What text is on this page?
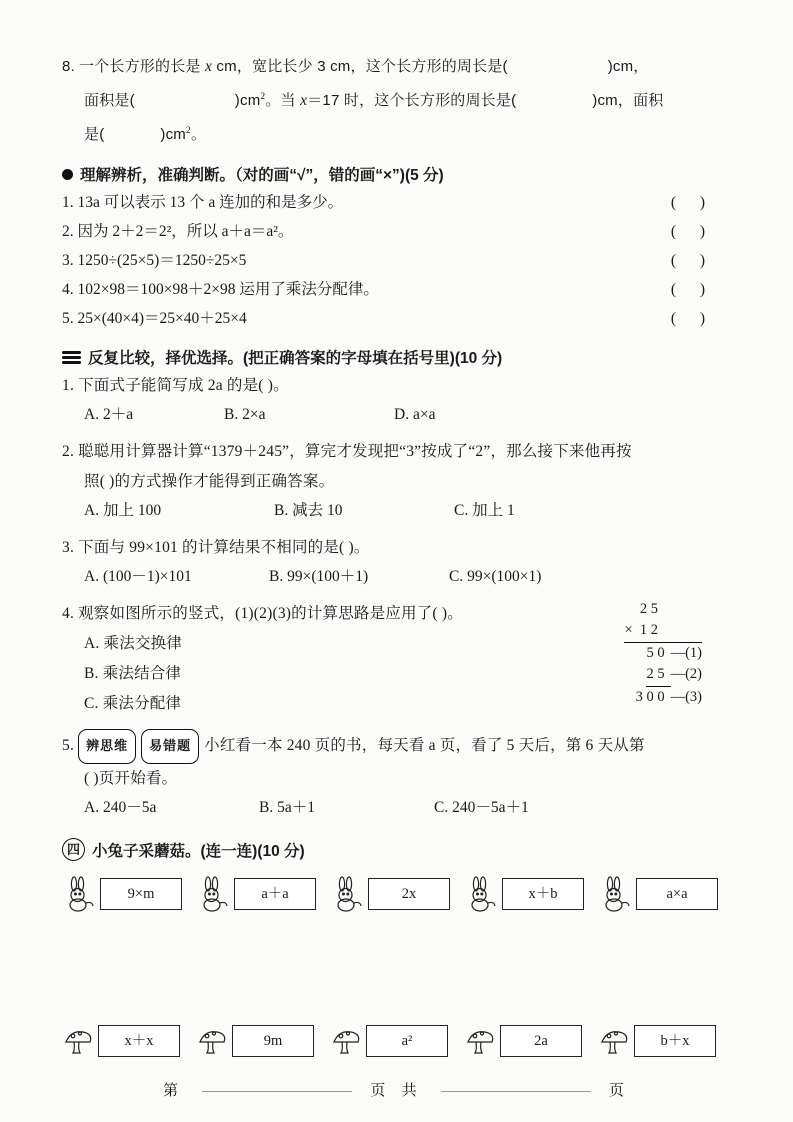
8. 一个长方形的长是 x cm，宽比长少 3 cm，这个长方形的周长是(	)cm，
面积是(	)$cm^2$。当 x＝17 时，这个长方形的周长是(	)cm，面积
是(	)$cm^2$。
理解辨析，准确判断。（对的画“√”，错的画“×”)(5 分)
1. 13a 可以表示 13 个 a 连加的和是多少。	( )
2. 因为 2＋2＝2²，所以 a＋a＝a²。	( )
3. 1250÷(25×5)＝1250÷25×5	( )
4. 102×98＝100×98＋2×98 运用了乘法分配律。	( )
5. 25×(40×4)＝25×40＋25×4	( )
反复比较，择优选择。(把正确答案的字母填在括号里)(10 分)
1. 下面式子能简写成 2a 的是( )。
A. 2＋a	B. 2×a	D. a×a
2. 聪聪用计算器计算“1379＋245”，算完才发现把“3”按成了“2”，那么接下来他再按
照( )的方式操作才能得到正确答案。
A. 加上 100	B. 减去 10	C. 加上 1
3. 下面与 99×101 的计算结果不相同的是( )。
A. (100－1)×101	B. 99×(100＋1)	C. 99×(100×1)
4. 观察如图所示的竖式，(1)(2)(3)的计算思路是应用了( )。
A. 乘法交换律
B. 乘法结合律
C. 乘法分配律
2 5
×  1 2
5 0 —(1)
2 5 —(2)
3 0 0 —(3)
5. 辨思维 易错题 小红看一本 240 页的书，每天看 a 页，看了 5 天后，第 6 天从第
( )页开始看。
A. 240－5a	B. 5a＋1	C. 240－5a＋1
四 小兔子采蘑菇。(连一连)(10 分)
9×m	a＋a	2x	x＋b	a×a
x＋x	9m	a²	2a	b＋x
第	页 共	页
